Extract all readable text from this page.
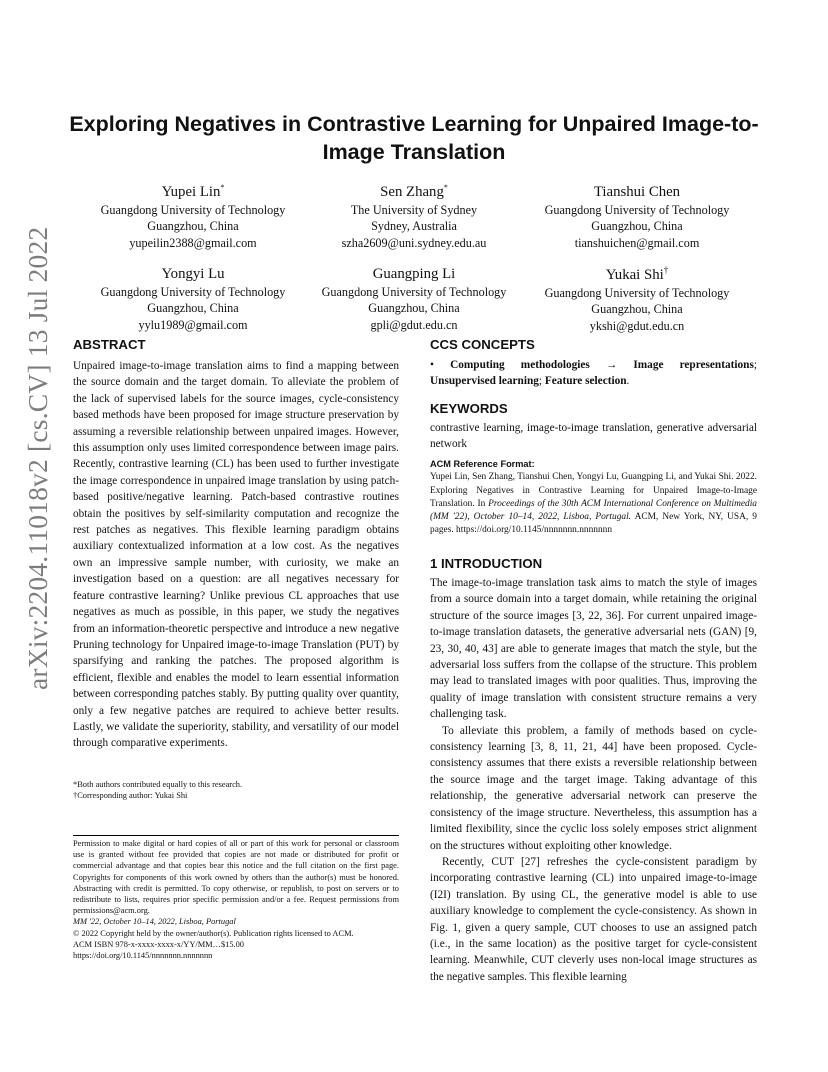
arXiv:2204.11018v2 [cs.CV] 13 Jul 2022
Exploring Negatives in Contrastive Learning for Unpaired Image-to-Image Translation
Yupei Lin*
Guangdong University of Technology
Guangzhou, China
yupeilin2388@gmail.com
Sen Zhang*
The University of Sydney
Sydney, Australia
szha2609@uni.sydney.edu.au
Tianshui Chen
Guangdong University of Technology
Guangzhou, China
tianshuichen@gmail.com
Yongyi Lu
Guangdong University of Technology
Guangzhou, China
yylu1989@gmail.com
Guangping Li
Guangdong University of Technology
Guangzhou, China
gpli@gdut.edu.cn
Yukai Shi†
Guangdong University of Technology
Guangzhou, China
ykshi@gdut.edu.cn
ABSTRACT

Unpaired image-to-image translation aims to find a mapping between the source domain and the target domain. To alleviate the problem of the lack of supervised labels for the source images, cycle-consistency based methods have been proposed for image structure preservation by assuming a reversible relationship between unpaired images. However, this assumption only uses limited correspondence between image pairs. Recently, contrastive learning (CL) has been used to further investigate the image correspondence in unpaired image translation by using patch-based positive/negative learning. Patch-based contrastive routines obtain the positives by self-similarity computation and recognize the rest patches as negatives. This flexible learning paradigm obtains auxiliary contextualized information at a low cost. As the negatives own an impressive sample number, with curiosity, we make an investigation based on a question: are all negatives necessary for feature contrastive learning? Unlike previous CL approaches that use negatives as much as possible, in this paper, we study the negatives from an information-theoretic perspective and introduce a new negative Pruning technology for Unpaired image-to-image Translation (PUT) by sparsifying and ranking the patches. The proposed algorithm is efficient, flexible and enables the model to learn essential information between corresponding patches stably. By putting quality over quantity, only a few negative patches are required to achieve better results. Lastly, we validate the superiority, stability, and versatility of our model through comparative experiments.

*Both authors contributed equally to this research.
†Corresponding author: Yukai Shi

Permission to make digital or hard copies of all or part of this work for personal or classroom use is granted without fee provided that copies are not made or distributed for profit or commercial advantage and that copies bear this notice and the full citation on the first page. Copyrights for components of this work owned by others than the author(s) must be honored. Abstracting with credit is permitted. To copy otherwise, or republish, to post on servers or to redistribute to lists, requires prior specific permission and/or a fee. Request permissions from permissions@acm.org.

MM '22, October 10–14, 2022, Lisboa, Portugal
© 2022 Copyright held by the owner/author(s). Publication rights licensed to ACM.
ACM ISBN 978-x-xxxx-xxxx-x/YY/MM…$15.00
https://doi.org/10.1145/nnnnnnn.nnnnnnn
CCS CONCEPTS

• Computing methodologies → Image representations; Unsupervised learning; Feature selection.

KEYWORDS

contrastive learning, image-to-image translation, generative adversarial network

ACM Reference Format:

Yupei Lin, Sen Zhang, Tianshui Chen, Yongyi Lu, Guangping Li, and Yukai Shi. 2022. Exploring Negatives in Contrastive Learning for Unpaired Image-to-Image Translation. In Proceedings of the 30th ACM International Conference on Multimedia (MM '22), October 10–14, 2022, Lisboa, Portugal. ACM, New York, NY, USA, 9 pages. https://doi.org/10.1145/nnnnnnn.nnnnnnn

1 INTRODUCTION

The image-to-image translation task aims to match the style of images from a source domain into a target domain, while retaining the original structure of the source images [3, 22, 36]. For current unpaired image-to-image translation datasets, the generative adversarial nets (GAN) [9, 23, 30, 40, 43] are able to generate images that match the style, but the adversarial loss suffers from the collapse of the structure. This problem may lead to translated images with poor qualities. Thus, improving the quality of image translation with consistent structure remains a very challenging task.

To alleviate this problem, a family of methods based on cycle-consistency learning [3, 8, 11, 21, 44] have been proposed. Cycle-consistency assumes that there exists a reversible relationship between the source image and the target image. Taking advantage of this relationship, the generative adversarial network can preserve the consistency of the image structure. Nevertheless, this assumption has a limited flexibility, since the cyclic loss solely emposes strict alignment on the structures without exploiting other knowledge.

Recently, CUT [27] refreshes the cycle-consistent paradigm by incorporating contrastive learning (CL) into unpaired image-to-image (I2I) translation. By using CL, the generative model is able to use auxiliary knowledge to complement the cycle-consistency. As shown in Fig. 1, given a query sample, CUT chooses to use an assigned patch (i.e., in the same location) as the positive target for cycle-consistent learning. Meanwhile, CUT cleverly uses non-local image structures as the negative samples. This flexible learning
